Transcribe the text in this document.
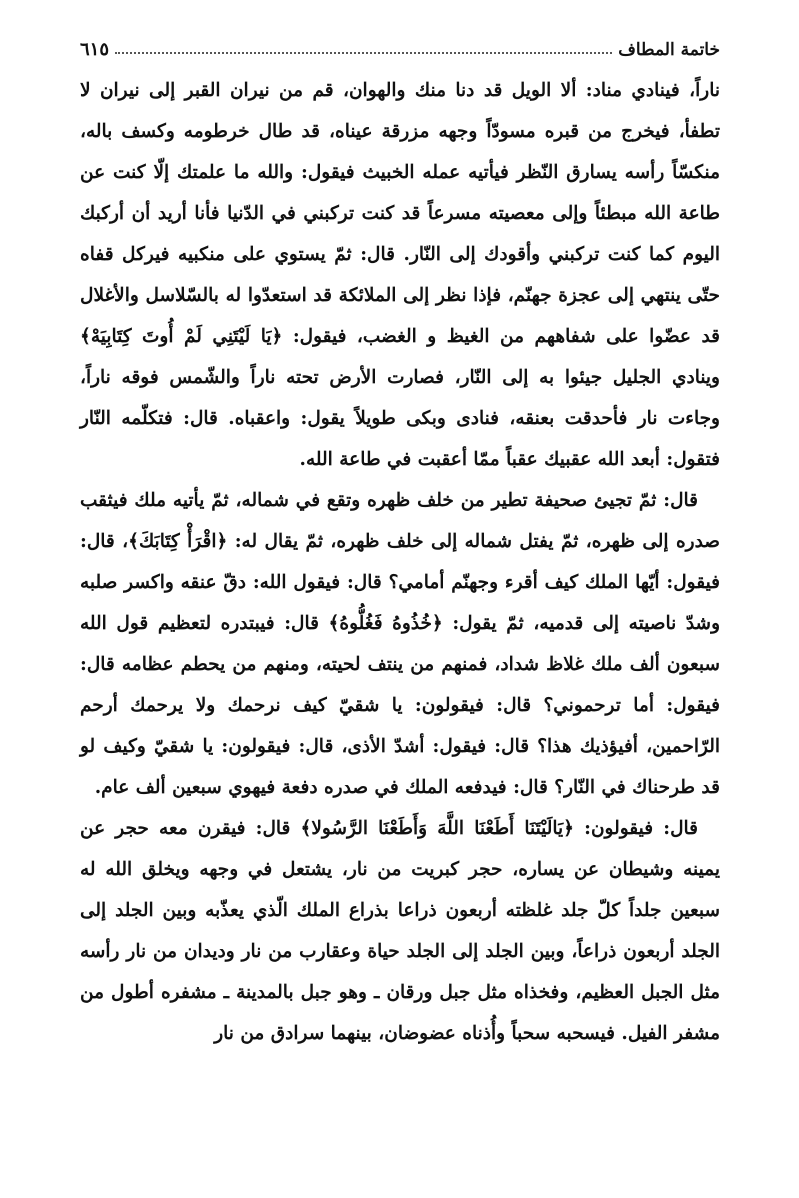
خاتمة المطاف
٦١٥

ناراً، فينادي مناد: ألا الويل قد دنا منك والهوان، قم من نيران القبر إلى نيران لا تطفأ، فيخرج من قبره مسودّاً وجهه مزرقة عيناه، قد طال خرطومه وكسف باله، منكسّاً رأسه يسارق النّظر فيأتيه عمله الخبيث فيقول: والله ما علمتك إلّا كنت عن طاعة الله مبطئاً وإلى معصيته مسرعاً قد كنت تركبني في الدّنيا فأنا أريد أن أركبك اليوم كما كنت تركبني وأقودك إلى النّار. قال: ثمّ يستوي على منكبيه فيركل قفاه حتّى ينتهي إلى عجزة جهنّم، فإذا نظر إلى الملائكة قد استعدّوا له بالسّلاسل والأغلال قد عضّوا على شفاههم من الغيظ و الغضب، فيقول: ﴿يَا لَيْتَنِي لَمْ أُوتَ كِتَابِيَهْ﴾ وينادي الجليل جيئوا به إلى النّار، فصارت الأرض تحته ناراً والشّمس فوقه ناراً، وجاءت نار فأحدقت بعنقه، فنادى وبكى طويلاً يقول: واعقباه. قال: فتكلّمه النّار فتقول: أبعد الله عقبيك عقباً ممّا أعقبت في طاعة الله.

قال: ثمّ تجيئ صحيفة تطير من خلف ظهره وتقع في شماله، ثمّ يأتيه ملك فيثقب صدره إلى ظهره، ثمّ يفتل شماله إلى خلف ظهره، ثمّ يقال له: ﴿اقْرَأْ كِتَابَكَ﴾، قال: فيقول: أيّها الملك كيف أقرء وجهنّم أمامي؟ قال: فيقول الله: دقّ عنقه واكسر صلبه وشدّ ناصيته إلى قدميه، ثمّ يقول: ﴿خُذُوهُ فَغُلُّوهُ﴾ قال: فيبتدره لتعظيم قول الله سبعون ألف ملك غلاظ شداد، فمنهم من ينتف لحيته، ومنهم من يحطم عظامه قال: فيقول: أما ترحموني؟ قال: فيقولون: يا شقيّ كيف نرحمك ولا يرحمك أرحم الرّاحمين، أفيؤذيك هذا؟ قال: فيقول: أشدّ الأذى، قال: فيقولون: يا شقيّ وكيف لو قد طرحناك في النّار؟ قال: فيدفعه الملك في صدره دفعة فيهوي سبعين ألف عام.

قال: فيقولون: ﴿يَالَيْتَنَا أَطَعْنَا اللَّهَ وَأَطَعْنَا الرَّسُولا﴾ قال: فيقرن معه حجر عن يمينه وشيطان عن يساره، حجر كبريت من نار، يشتعل في وجهه ويخلق الله له سبعين جلداً كلّ جلد غلظته أربعون ذراعا بذراع الملك الّذي يعذّبه وبين الجلد إلى الجلد أربعون ذراعاً، وبين الجلد إلى الجلد حياة وعقارب من نار وديدان من نار رأسه مثل الجبل العظيم، وفخذاه مثل جبل ورقان ـ وهو جبل بالمدينة ـ مشفره أطول من مشفر الفيل. فيسحبه سحباً وأُذناه عضوضان، بينهما سرادق من نار
